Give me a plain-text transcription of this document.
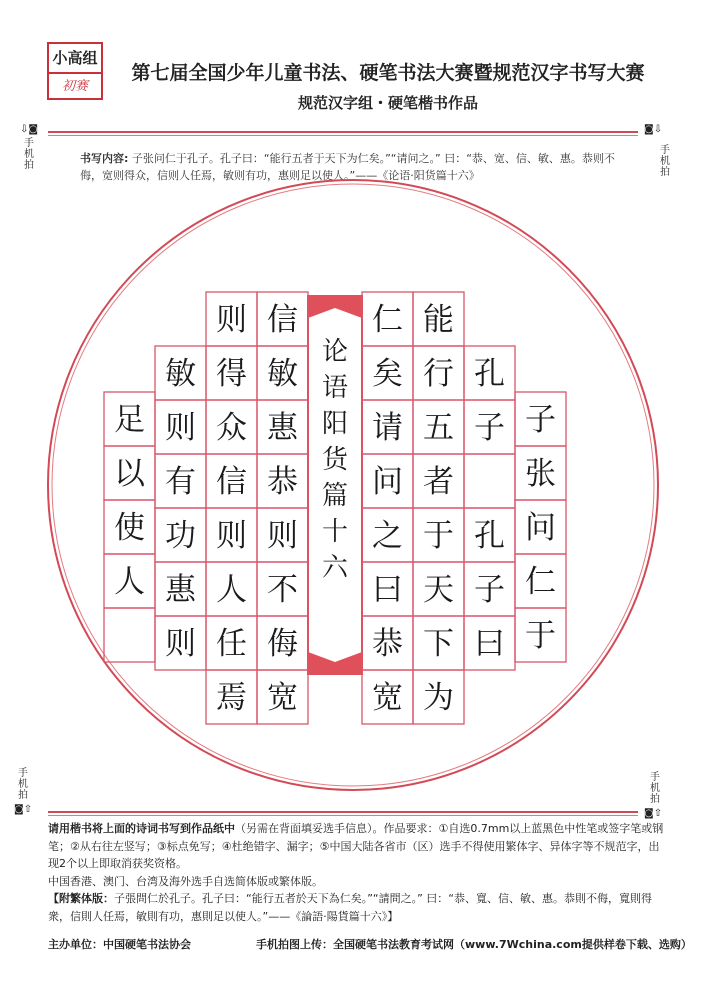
小高组
初赛
第七届全国少年儿童书法、硬笔书法大赛暨规范汉字书写大赛
规范汉字组・硬笔楷书作品
⇩◙
手机拍
◙⇩
手机拍
书写内容: 子张问仁于孔子。孔子曰：“能行五者于天下为仁矣。”“请问之。” 曰：“恭、宽、信、敏、惠。恭则不侮，宽则得众，信则人任焉，敏则有功，惠则足以使人。”——《论语·阳货篇十六》
子
张
问
仁
于
孔
子
孔
子
曰
能
行
五
者
于
天
下
为
仁
矣
请
问
之
曰
恭
宽
信
敏
惠
恭
则
不
侮
宽
则
得
众
信
则
人
任
焉
敏
则
有
功
惠
则
足
以
使
人
论
语
阳
货
篇
十
六
手机拍
◙⇧
手机拍
◙⇧
请用楷书将上面的诗词书写到作品纸中（另需在背面填妥选手信息）。作品要求：①自选0.7mm以上蓝黑色中性笔或签字笔或钢笔；②从右往左竖写；③标点免写；④杜绝错字、漏字；⑤中国大陆各省市（区）选手不得使用繁体字、异体字等不规范字，出现2个以上即取消获奖资格。
中国香港、澳门、台湾及海外选手自选简体版或繁体版。
【附繁体版：子張問仁於孔子。孔子曰：“能行五者於天下為仁矣。”“請問之。” 曰：“恭、寬、信、敏、惠。恭則不侮，寬則得衆，信則人任焉，敏則有功，惠則足以使人。”——《論語·陽貨篇十六》】
主办单位：中国硬笔书法协会	手机拍图上传：全国硬笔书法教育考试网（www.7Wchina.com提供样卷下载、选购）
